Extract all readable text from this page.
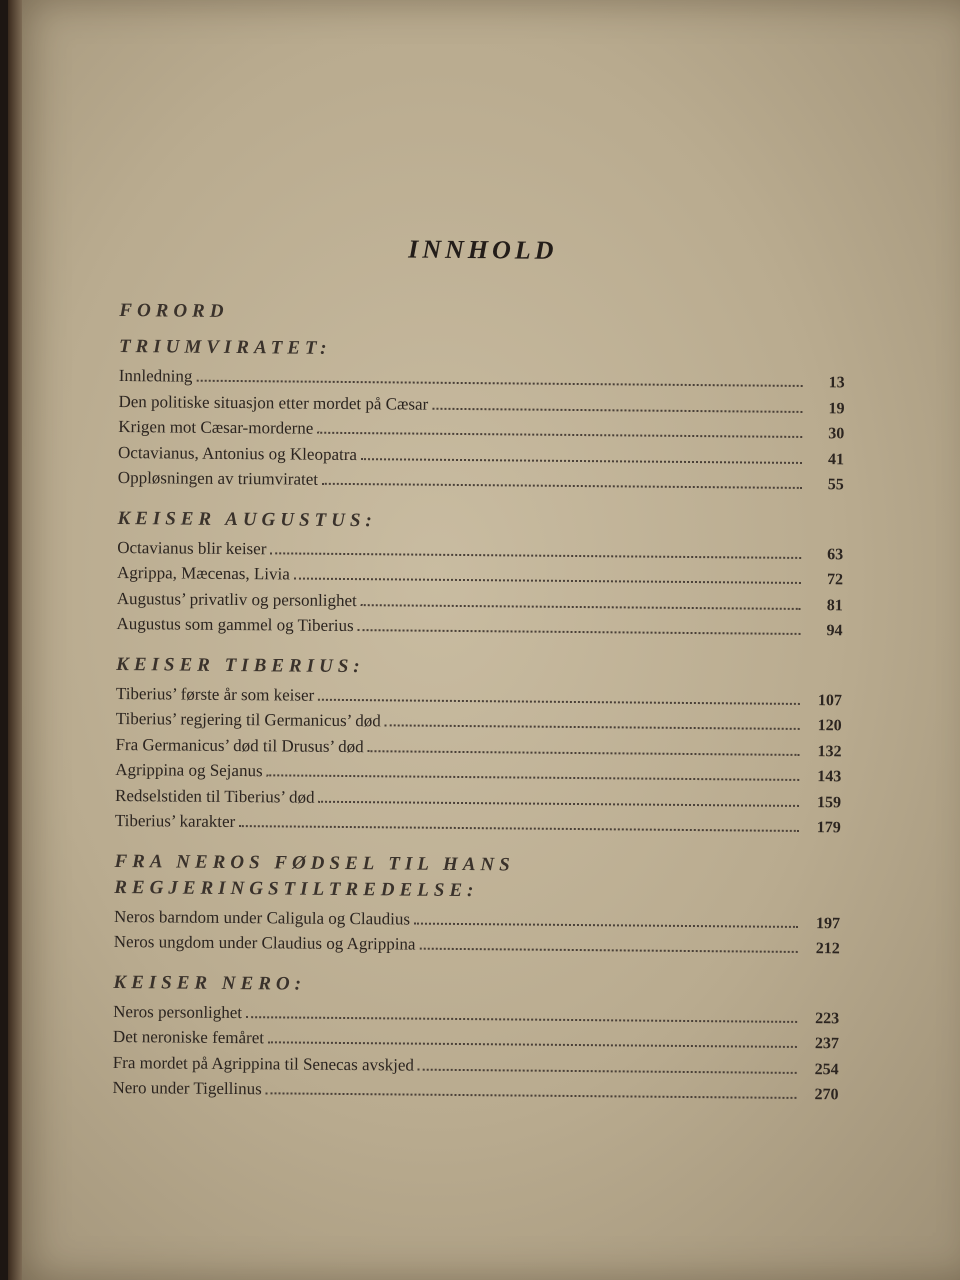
INNHOLD
FORORD
TRIUMVIRATET:
Innledning	13
Den politiske situasjon etter mordet på Cæsar	19
Krigen mot Cæsar-morderne	30
Octavianus, Antonius og Kleopatra	41
Oppløsningen av triumviratet	55
KEISER AUGUSTUS:
Octavianus blir keiser	63
Agrippa, Mæcenas, Livia	72
Augustus’ privatliv og personlighet	81
Augustus som gammel og Tiberius	94
KEISER TIBERIUS:
Tiberius’ første år som keiser	107
Tiberius’ regjering til Germanicus’ død	120
Fra Germanicus’ død til Drusus’ død	132
Agrippina og Sejanus	143
Redselstiden til Tiberius’ død	159
Tiberius’ karakter	179
FRA NEROS FØDSEL TIL HANS
REGJERINGSTILTREDELSE:
Neros barndom under Caligula og Claudius	197
Neros ungdom under Claudius og Agrippina	212
KEISER NERO:
Neros personlighet	223
Det neroniske femåret	237
Fra mordet på Agrippina til Senecas avskjed	254
Nero under Tigellinus	270
